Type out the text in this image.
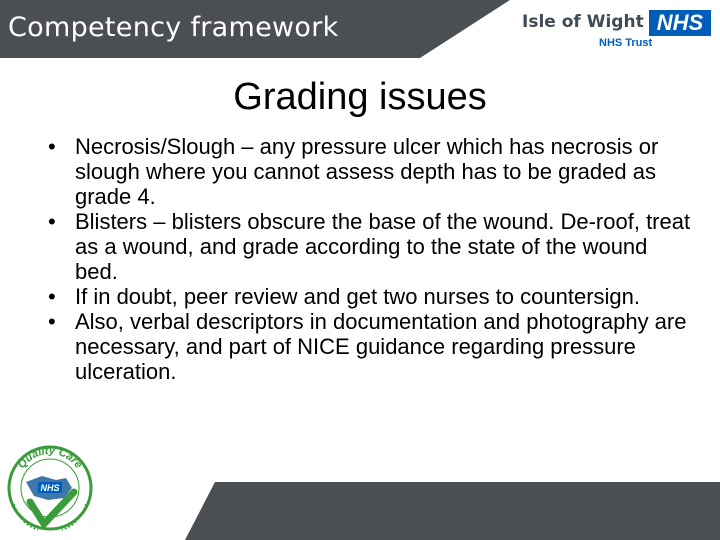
Competency framework	Isle of Wight NHS
NHS Trust
Grading issues
• Necrosis/Slough – any pressure ulcer which has necrosis or slough where you cannot assess depth has to be graded as grade 4.
• Blisters – blisters obscure the base of the wound. De-roof, treat as a wound, and grade according to the state of the wound bed.
• If in doubt, peer review and get two nurses to countersign.
• Also, verbal descriptors in documentation and photography are necessary, and part of NICE guidance regarding pressure ulceration.
Quality Care
NHS
